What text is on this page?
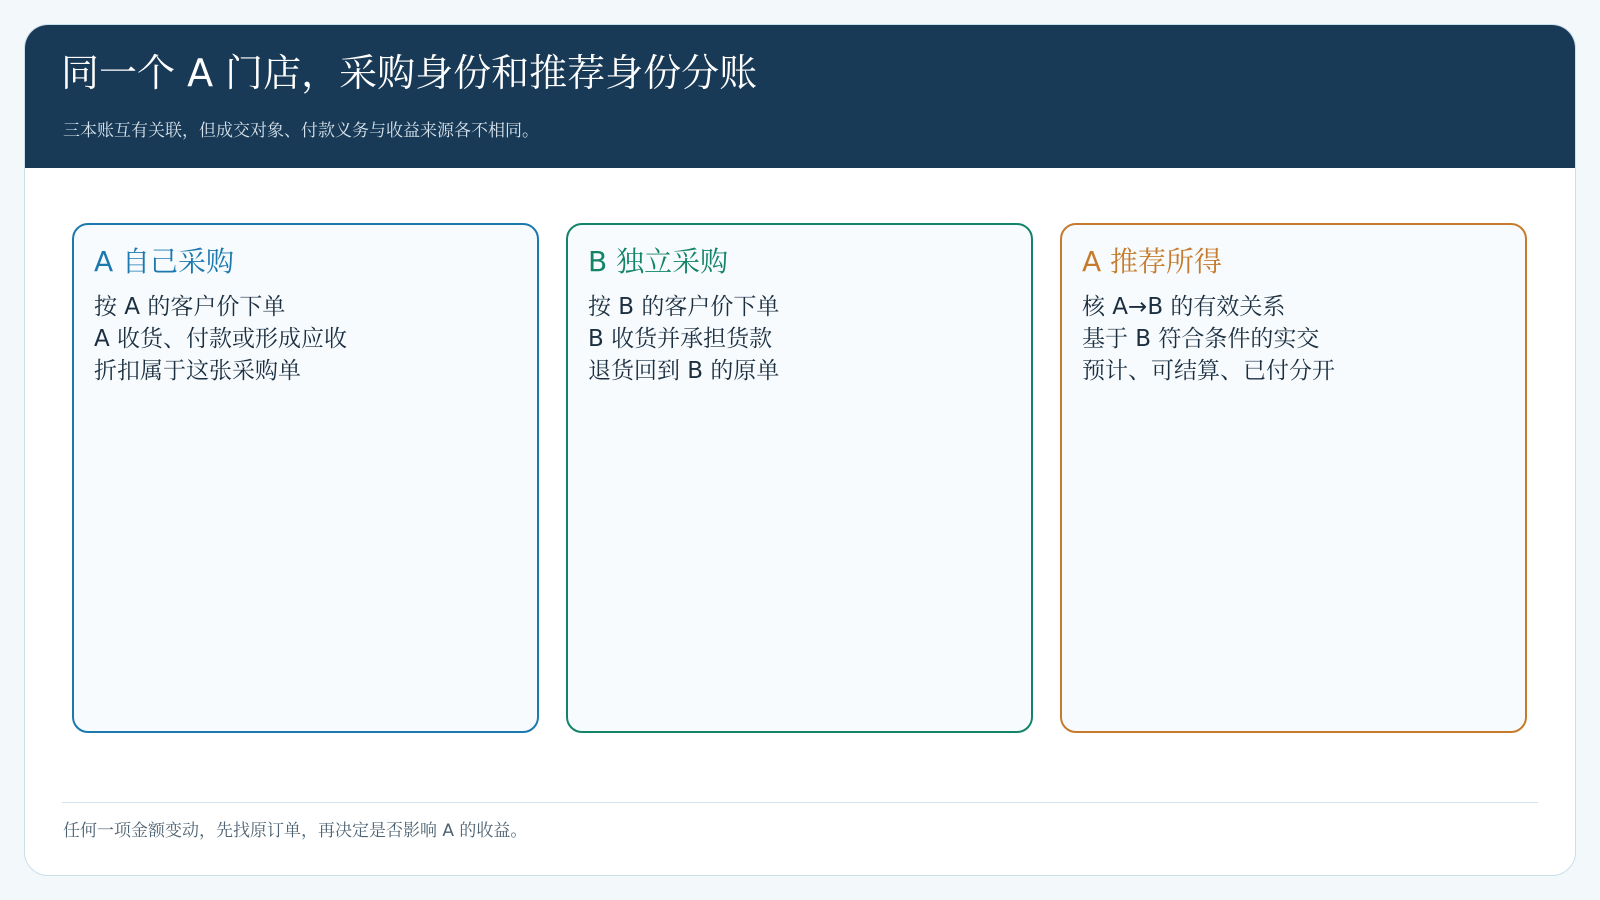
同一个 A 门店，采购身份和推荐身份分账
三本账互有关联，但成交对象、付款义务与收益来源各不相同。
A 自己采购
按 A 的客户价下单
A 收货、付款或形成应收
折扣属于这张采购单
B 独立采购
按 B 的客户价下单
B 收货并承担货款
退货回到 B 的原单
A 推荐所得
核 A→B 的有效关系
基于 B 符合条件的实交
预计、可结算、已付分开
任何一项金额变动，先找原订单，再决定是否影响 A 的收益。
